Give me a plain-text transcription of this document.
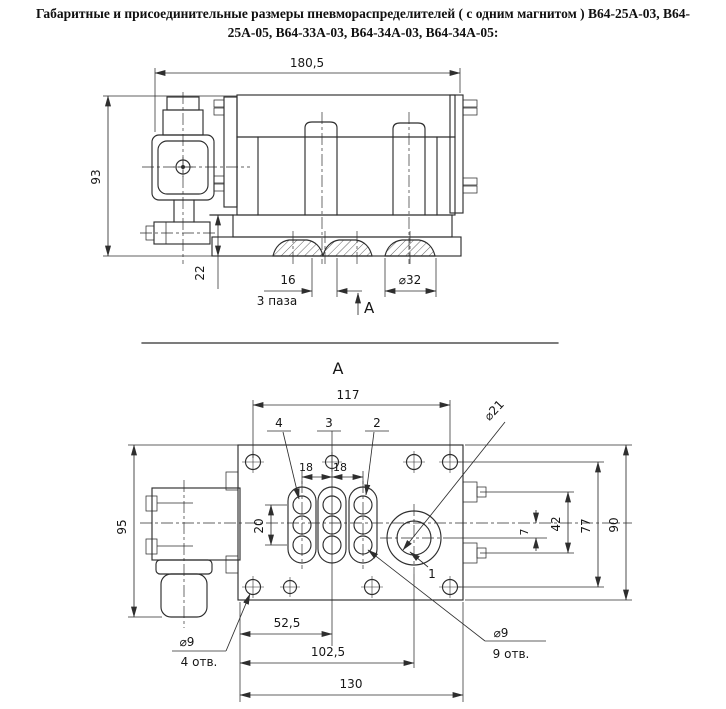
Габаритные и присоединительные размеры пневмораспределителей ( с одним магнитом ) В64-25А-03, В64-
25А-05, В64-33А-03, В64-34А-03, В64-34А-05:
180,5
93
22	16
3 паза
⌀32
А
А
117
18 18
20
95	7
42 77 90
4	3	2
1
⌀21
52,5
102,5
130
⌀9
4 отв.
⌀9
9 отв.
